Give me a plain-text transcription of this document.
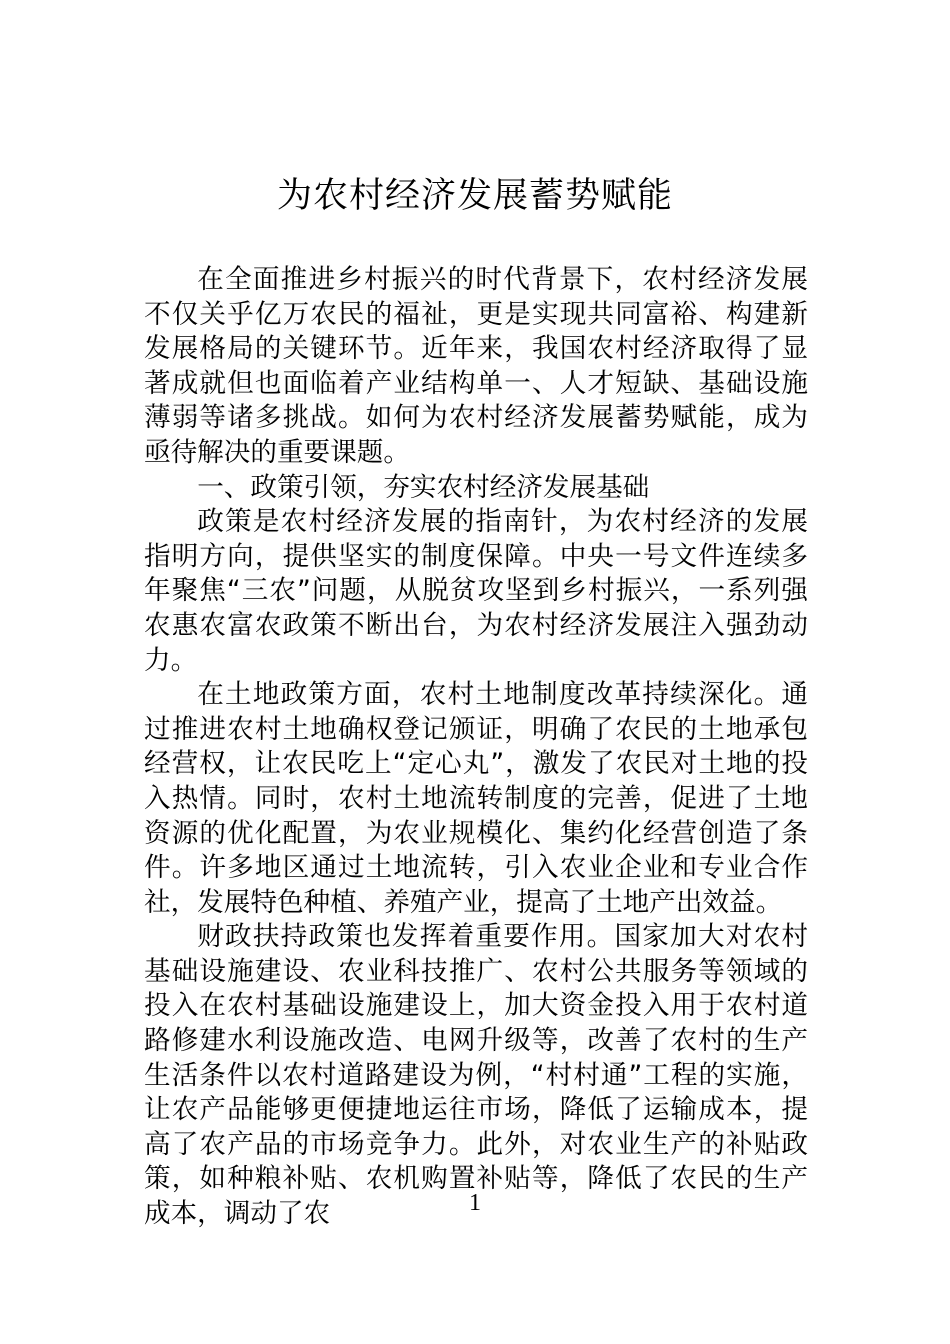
为农村经济发展蓄势赋能

在全面推进乡村振兴的时代背景下，农村经济发展不仅关乎亿万农民的福祉，更是实现共同富裕、构建新发展格局的关键环节。近年来，我国农村经济取得了显著成就但也面临着产业结构单一、人才短缺、基础设施薄弱等诸多挑战。如何为农村经济发展蓄势赋能，成为亟待解决的重要课题。

一、政策引领，夯实农村经济发展基础

政策是农村经济发展的指南针，为农村经济的发展指明方向，提供坚实的制度保障。中央一号文件连续多年聚焦“三农”问题，从脱贫攻坚到乡村振兴，一系列强农惠农富农政策不断出台，为农村经济发展注入强劲动力。

在土地政策方面，农村土地制度改革持续深化。通过推进农村土地确权登记颁证，明确了农民的土地承包经营权，让农民吃上“定心丸”，激发了农民对土地的投入热情。同时，农村土地流转制度的完善，促进了土地资源的优化配置，为农业规模化、集约化经营创造了条件。许多地区通过土地流转，引入农业企业和专业合作社，发展特色种植、养殖产业，提高了土地产出效益。

财政扶持政策也发挥着重要作用。国家加大对农村基础设施建设、农业科技推广、农村公共服务等领域的投入在农村基础设施建设上，加大资金投入用于农村道路修建水利设施改造、电网升级等，改善了农村的生产生活条件以农村道路建设为例，“村村通”工程的实施，让农产品能够更便捷地运往市场，降低了运输成本，提高了农产品的市场竞争力。此外，对农业生产的补贴政策，如种粮补贴、农机购置补贴等，降低了农民的生产成本，调动了农	1
